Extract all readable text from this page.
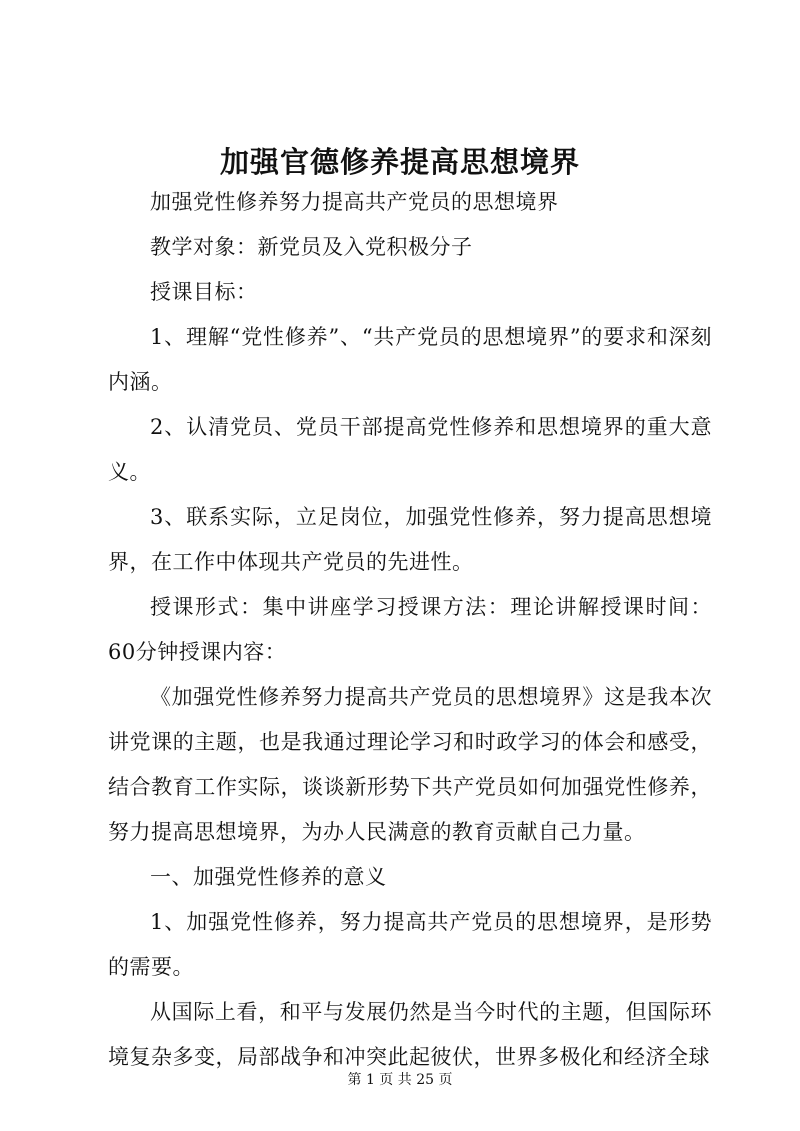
加强官德修养提高思想境界

加强党性修养努力提高共产党员的思想境界

教学对象：新党员及入党积极分子

授课目标：

1、理解“党性修养”、“共产党员的思想境界”的要求和深刻内涵。

2、认清党员、党员干部提高党性修养和思想境界的重大意义。

3、联系实际，立足岗位，加强党性修养，努力提高思想境界，在工作中体现共产党员的先进性。

授课形式：集中讲座学习授课方法：理论讲解授课时间：60分钟授课内容：

《加强党性修养努力提高共产党员的思想境界》这是我本次讲党课的主题，也是我通过理论学习和时政学习的体会和感受，结合教育工作实际，谈谈新形势下共产党员如何加强党性修养，努力提高思想境界，为办人民满意的教育贡献自己力量。

一、加强党性修养的意义

1、加强党性修养，努力提高共产党员的思想境界，是形势的需要。

从国际上看，和平与发展仍然是当今时代的主题，但国际环境复杂多变，局部战争和冲突此起彼伏，世界多极化和经济全球

第 1 页 共 25 页
